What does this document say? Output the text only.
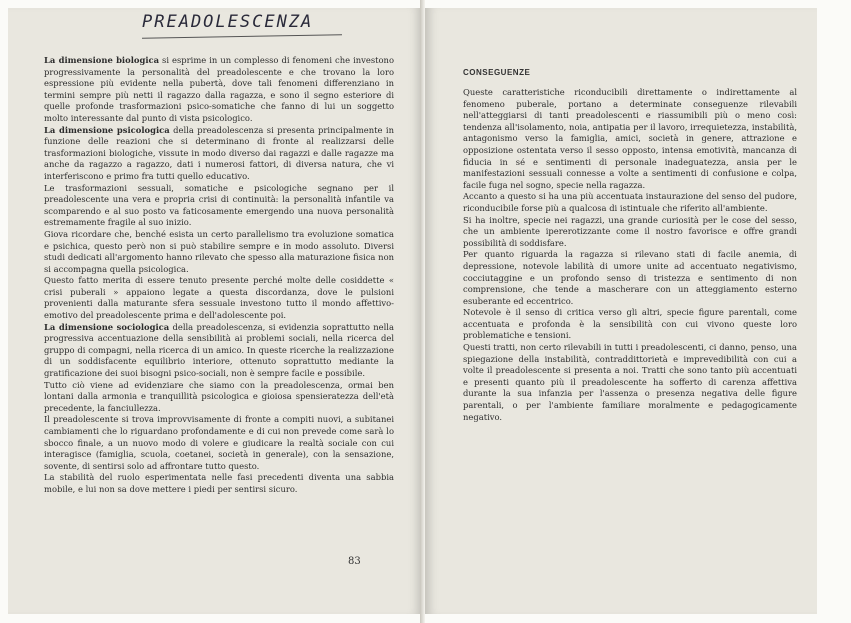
PREADOLESCENZA

La dimensione biologica si esprime in un complesso di fenomeni che investono progressivamente la personalità del preadolescente e che trovano la loro espressione più evidente nella pubertà, dove tali fenomeni differenziano in termini sempre più netti il ragazzo dalla ragazza, e sono il segno esteriore di quelle profonde trasformazioni psico-somatiche che fanno di lui un soggetto molto interessante dal punto di vista psicologico.

La dimensione psicologica della preadolescenza si presenta principalmente in funzione delle reazioni che si determinano di fronte al realizzarsi delle trasformazioni biologiche, vissute in modo diverso dai ragazzi e dalle ragazze ma anche da ragazzo a ragazzo, dati i numerosi fattori, di diversa natura, che vi interferiscono e primo fra tutti quello educativo.

Le trasformazioni sessuali, somatiche e psicologiche segnano per il preadolescente una vera e propria crisi di continuità: la personalità infantile va scomparendo e al suo posto va faticosamente emergendo una nuova personalità estremamente fragile al suo inizio.

Giova ricordare che, benché esista un certo parallelismo tra evoluzione somatica e psichica, questo però non si può stabilire sempre e in modo assoluto. Diversi studi dedicati all'argomento hanno rilevato che spesso alla maturazione fisica non si accompagna quella psicologica.

Questo fatto merita di essere tenuto presente perché molte delle cosiddette « crisi puberali » appaiono legate a questa discordanza, dove le pulsioni provenienti dalla maturante sfera sessuale investono tutto il mondo affettivo-emotivo del preadolescente prima e dell'adolescente poi.

La dimensione sociologica della preadolescenza, si evidenzia soprattutto nella progressiva accentuazione della sensibilità ai problemi sociali, nella ricerca del gruppo di compagni, nella ricerca di un amico. In queste ricerche la realizzazione di un soddisfacente equilibrio interiore, ottenuto soprattutto mediante la gratificazione dei suoi bisogni psico-sociali, non è sempre facile e possibile.

Tutto ciò viene ad evidenziare che siamo con la preadolescenza, ormai ben lontani dalla armonia e tranquillità psicologica e gioiosa spensieratezza dell'età precedente, la fanciullezza.

Il preadolescente si trova improvvisamente di fronte a compiti nuovi, a subitanei cambiamenti che lo riguardano profondamente e di cui non prevede come sarà lo sbocco finale, a un nuovo modo di volere e giudicare la realtà sociale con cui interagisce (famiglia, scuola, coetanei, società in generale), con la sensazione, sovente, di sentirsi solo ad affrontare tutto questo.

La stabilità del ruolo esperimentata nelle fasi precedenti diventa una sabbia mobile, e lui non sa dove mettere i piedi per sentirsi sicuro.

83
CONSEGUENZE

Queste caratteristiche riconducibili direttamente o indirettamente al fenomeno puberale, portano a determinate conseguenze rilevabili nell'atteggiarsi di tanti preadolescenti e riassumibili più o meno così: tendenza all'isolamento, noia, antipatia per il lavoro, irrequietezza, instabilità, antagonismo verso la famiglia, amici, società in genere, attrazione e opposizione ostentata verso il sesso opposto, intensa emotività, mancanza di fiducia in sé e sentimenti di personale inadeguatezza, ansia per le manifestazioni sessuali connesse a volte a sentimenti di confusione e colpa, facile fuga nel sogno, specie nella ragazza.

Accanto a questo si ha una più accentuata instaurazione del senso del pudore, riconducibile forse più a qualcosa di istintuale che riferito all'ambiente.

Si ha inoltre, specie nei ragazzi, una grande curiosità per le cose del sesso, che un ambiente ipererotizzante come il nostro favorisce e offre grandi possibilità di soddisfare.

Per quanto riguarda la ragazza si rilevano stati di facile anemia, di depressione, notevole labilità di umore unite ad accentuato negativismo, cocciutaggine e un profondo senso di tristezza e sentimento di non comprensione, che tende a mascherare con un atteggiamento esterno esuberante ed eccentrico.

Notevole è il senso di critica verso gli altri, specie figure parentali, come accentuata e profonda è la sensibilità con cui vivono queste loro problematiche e tensioni.

Questi tratti, non certo rilevabili in tutti i preadolescenti, ci danno, penso, una spiegazione della instabilità, contraddittorietà e imprevedibilità con cui a volte il preadolescente si presenta a noi. Tratti che sono tanto più accentuati e presenti quanto più il preadolescente ha sofferto di carenza affettiva durante la sua infanzia per l'assenza o presenza negativa delle figure parentali, o per l'ambiente familiare moralmente e pedagogicamente negativo.
